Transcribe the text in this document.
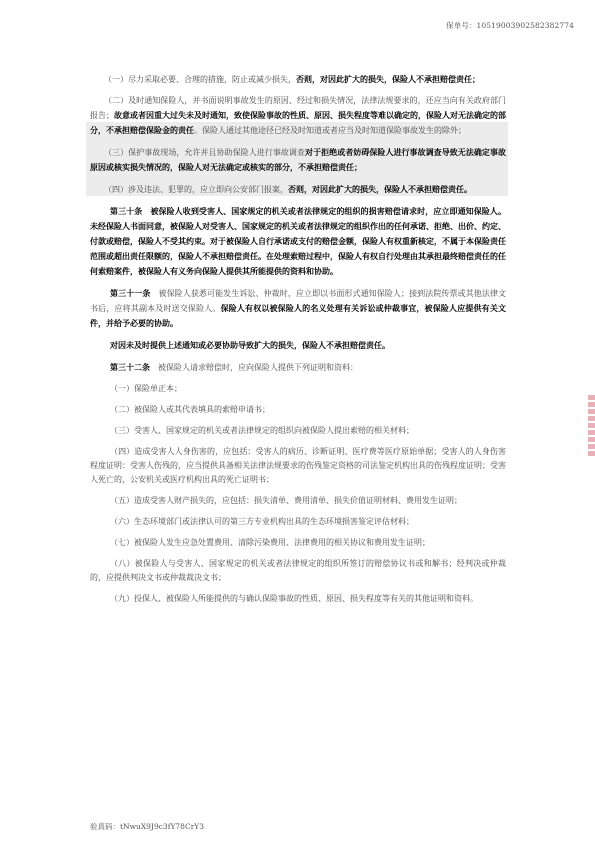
保单号：10519003902582382774

（一）尽力采取必要、合理的措施，防止或减少损失，否则，对因此扩大的损失，保险人不承担赔偿责任；

（二）及时通知保险人，并书面说明事故发生的原因、经过和损失情况，法律法规要求的，还应当向有关政府部门报告；故意或者因重大过失未及时通知，致使保险事故的性质、原因、损失程度等难以确定的，保险人对无法确定的部分，不承担赔偿保险金的责任。保险人通过其他途径已经及时知道或者应当及时知道保险事故发生的除外；

（三）保护事故现场，允许并且协助保险人进行事故调查对于拒绝或者妨碍保险人进行事故调查导致无法确定事故原因或核实损失情况的，保险人对无法确定或核实的部分，不承担赔偿责任；

（四）涉及违法、犯罪的，应立即向公安部门报案，否则，对因此扩大的损失，保险人不承担赔偿责任。

第三十条　 被保险人收到受害人、国家规定的机关或者法律规定的组织的损害赔偿请求时，应立即通知保险人。未经保险人书面同意，被保险人对受害人、国家规定的机关或者法律规定的组织作出的任何承诺、拒绝、出价、约定、付款或赔偿，保险人不受其约束。对于被保险人自行承诺或支付的赔偿金额，保险人有权重新核定，不属于本保险责任范围或超出责任限额的，保险人不承担赔偿责任。在处理索赔过程中，保险人有权自行处理由其承担最终赔偿责任的任何索赔案件，被保险人有义务向保险人提供其所能提供的资料和协助。

第三十一条　 被保险人获悉可能发生诉讼、仲裁时，应立即以书面形式通知保险人；接到法院传票或其他法律文书后，应将其副本及时送交保险人。保险人有权以被保险人的名义处理有关诉讼或仲裁事宜，被保险人应提供有关文件，并给予必要的协助。

对因未及时提供上述通知或必要协助导致扩大的损失，保险人不承担赔偿责任。

第三十二条　 被保险人请求赔偿时，应向保险人提供下列证明和资料：

（一）保险单正本；

（二）被保险人或其代表填具的索赔申请书；

（三）受害人、国家规定的机关或者法律规定的组织向被保险人提出索赔的相关材料；

（四）造成受害人人身伤害的，应包括：受害人的病历、诊断证明、医疗费等医疗原始单据；受害人的人身伤害程度证明：受害人伤残的，应当提供具备相关法律法规要求的伤残鉴定资格的司法鉴定机构出具的伤残程度证明；受害人死亡的，公安机关或医疗机构出具的死亡证明书；

（五）造成受害人财产损失的，应包括：损失清单、费用清单、损失价值证明材料、费用发生证明；

（六）生态环境部门或法律认可的第三方专业机构出具的生态环境损害鉴定评估材料；

（七）被保险人发生应急处置费用、清除污染费用、法律费用的相关协议和费用发生证明；

（八）被保险人与受害人、国家规定的机关或者法律规定的组织所签订的赔偿协议书或和解书；经判决或仲裁的，应提供判决文书或仲裁裁决文书；

（九）投保人、被保险人所能提供的与确认保险事故的性质、原因、损失程度等有关的其他证明和资料。

验真码：tNwuX9J9c3fY78CrY3
